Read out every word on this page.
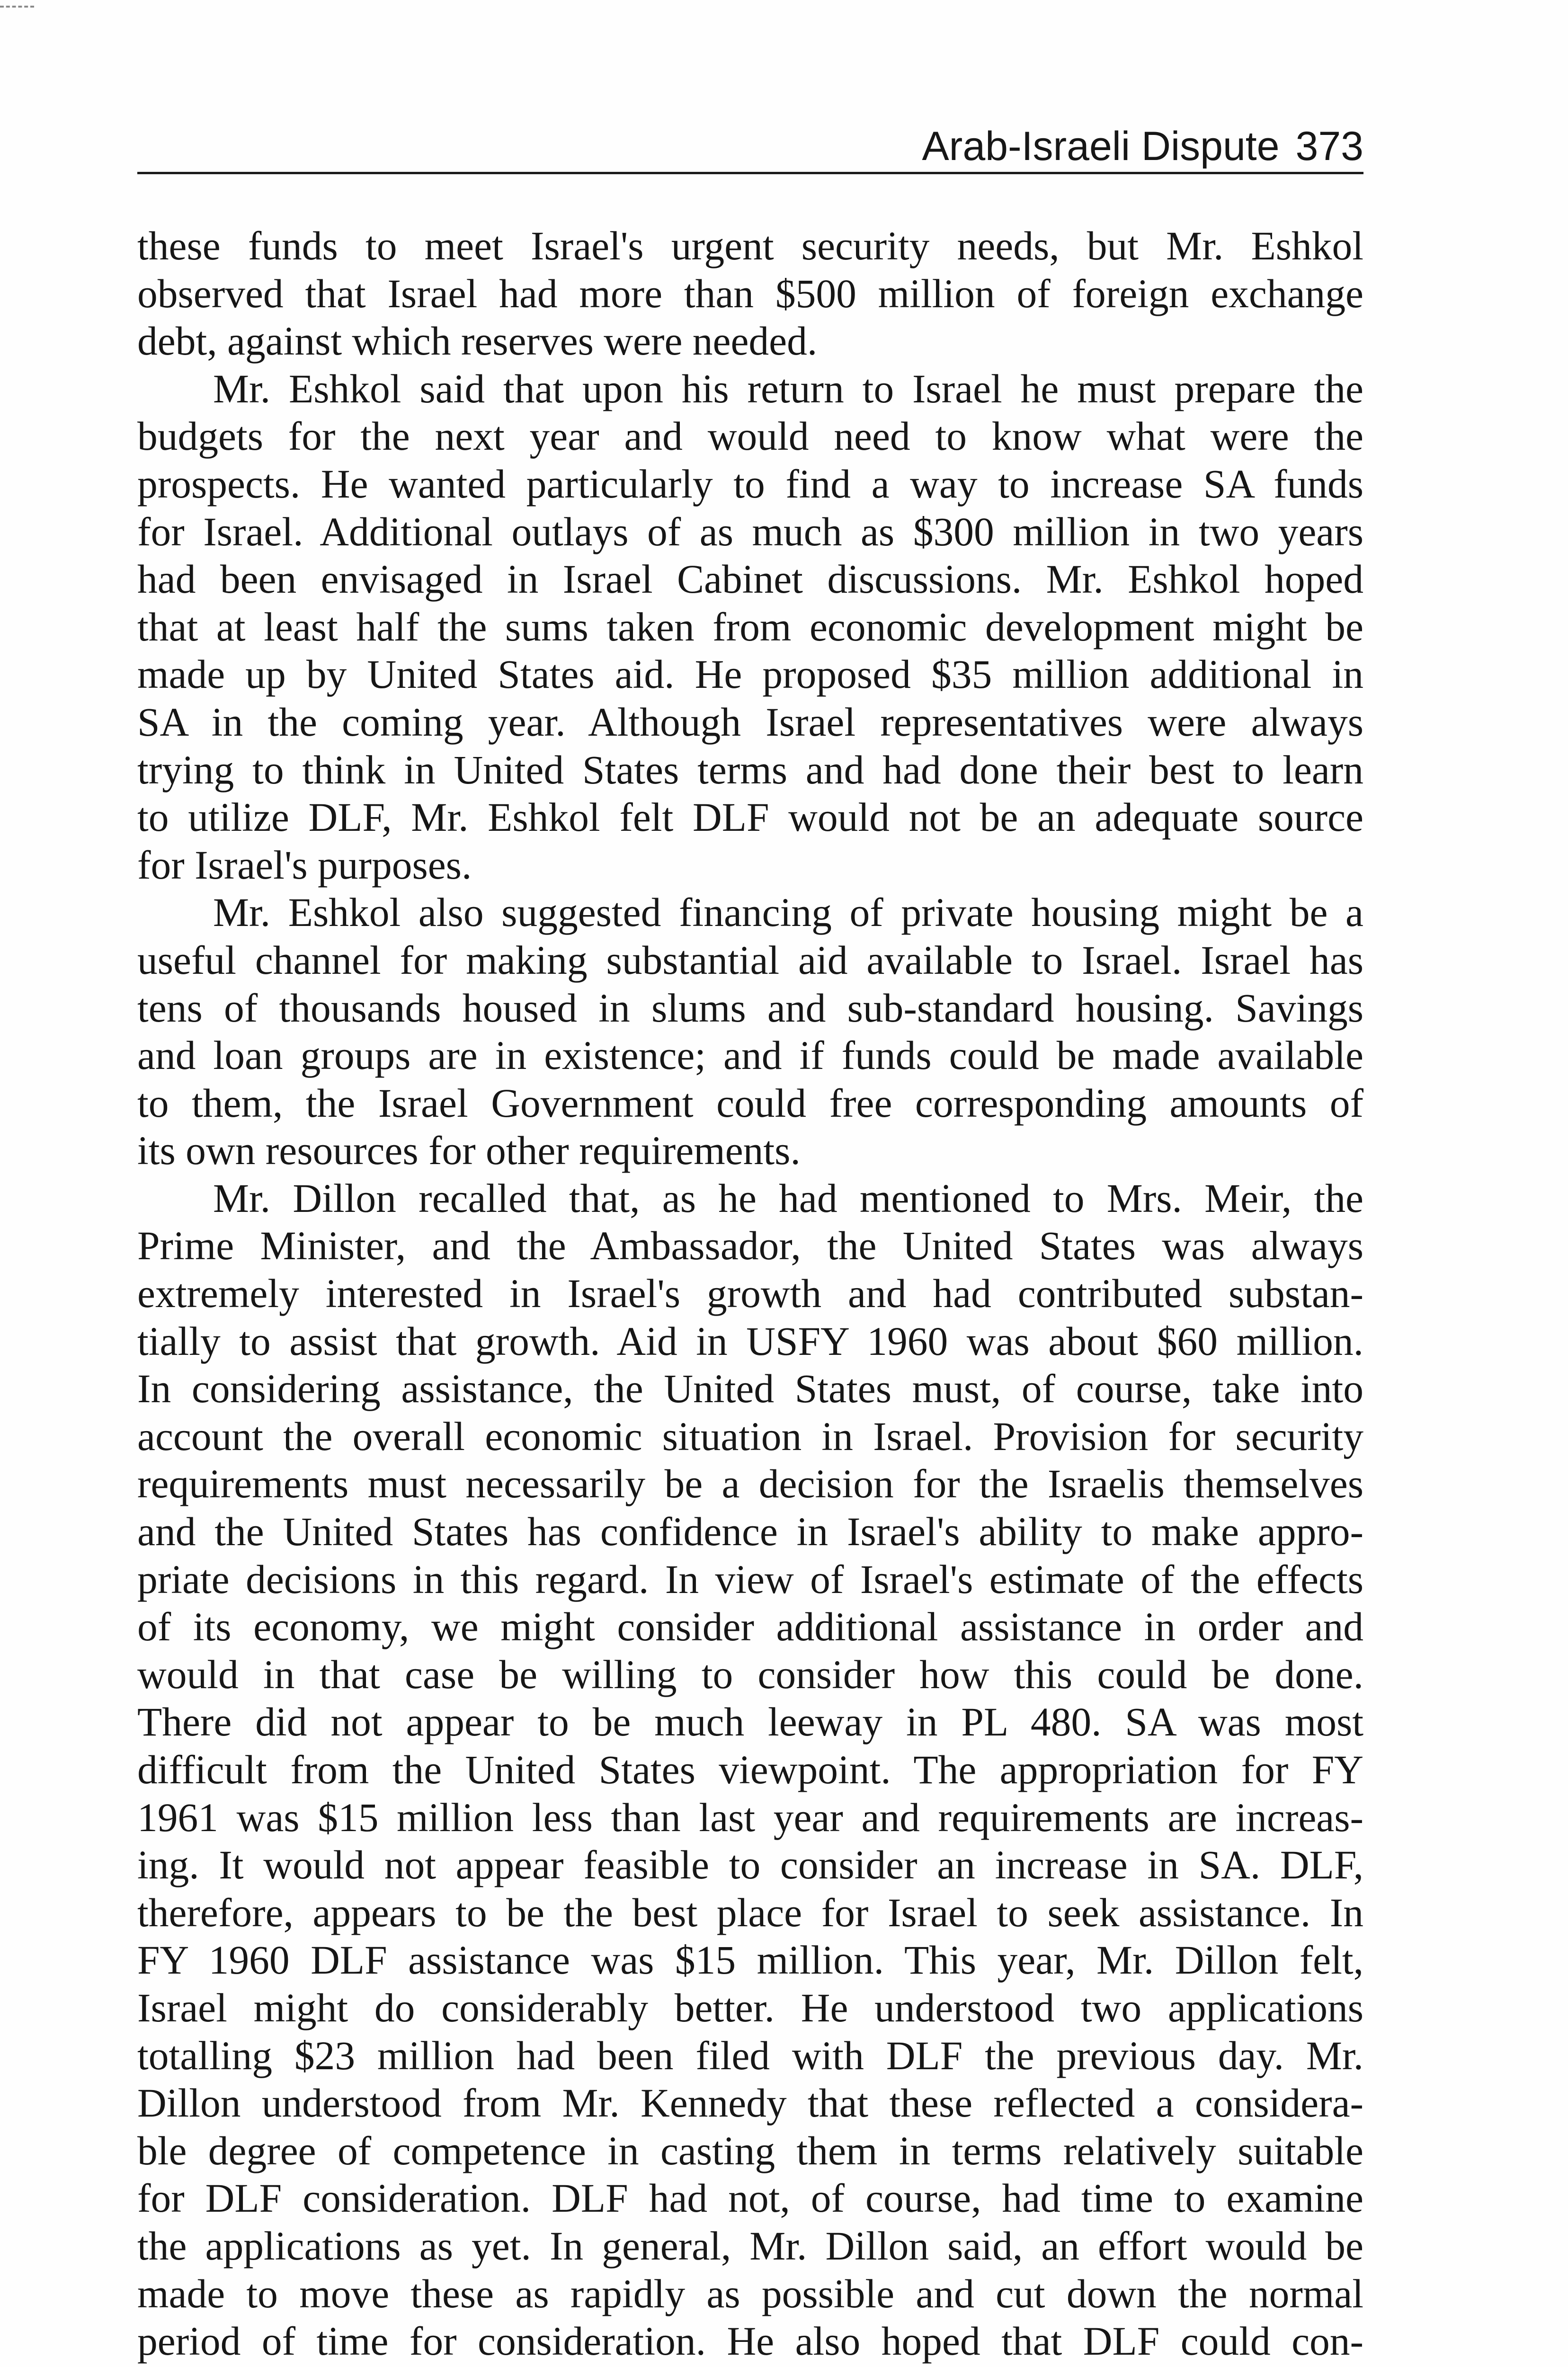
Arab-Israeli Dispute 373

these funds to meet Israel's urgent security needs, but Mr. Eshkol
observed that Israel had more than $500 million of foreign exchange
debt, against which reserves were needed.

Mr. Eshkol said that upon his return to Israel he must prepare the
budgets for the next year and would need to know what were the
prospects. He wanted particularly to find a way to increase SA funds
for Israel. Additional outlays of as much as $300 million in two years
had been envisaged in Israel Cabinet discussions. Mr. Eshkol hoped
that at least half the sums taken from economic development might be
made up by United States aid. He proposed $35 million additional in
SA in the coming year. Although Israel representatives were always
trying to think in United States terms and had done their best to learn
to utilize DLF, Mr. Eshkol felt DLF would not be an adequate source
for Israel's purposes.

Mr. Eshkol also suggested financing of private housing might be a
useful channel for making substantial aid available to Israel. Israel has
tens of thousands housed in slums and sub-standard housing. Savings
and loan groups are in existence; and if funds could be made available
to them, the Israel Government could free corresponding amounts of
its own resources for other requirements.

Mr. Dillon recalled that, as he had mentioned to Mrs. Meir, the
Prime Minister, and the Ambassador, the United States was always
extremely interested in Israel's growth and had contributed substan-
tially to assist that growth. Aid in USFY 1960 was about $60 million.
In considering assistance, the United States must, of course, take into
account the overall economic situation in Israel. Provision for security
requirements must necessarily be a decision for the Israelis themselves
and the United States has confidence in Israel's ability to make appro-
priate decisions in this regard. In view of Israel's estimate of the effects
of its economy, we might consider additional assistance in order and
would in that case be willing to consider how this could be done.
There did not appear to be much leeway in PL 480. SA was most
difficult from the United States viewpoint. The appropriation for FY
1961 was $15 million less than last year and requirements are increas-
ing. It would not appear feasible to consider an increase in SA. DLF,
therefore, appears to be the best place for Israel to seek assistance. In
FY 1960 DLF assistance was $15 million. This year, Mr. Dillon felt,
Israel might do considerably better. He understood two applications
totalling $23 million had been filed with DLF the previous day. Mr.
Dillon understood from Mr. Kennedy that these reflected a considera-
ble degree of competence in casting them in terms relatively suitable
for DLF consideration. DLF had not, of course, had time to examine
the applications as yet. In general, Mr. Dillon said, an effort would be
made to move these as rapidly as possible and cut down the normal
period of time for consideration. He also hoped that DLF could con-
